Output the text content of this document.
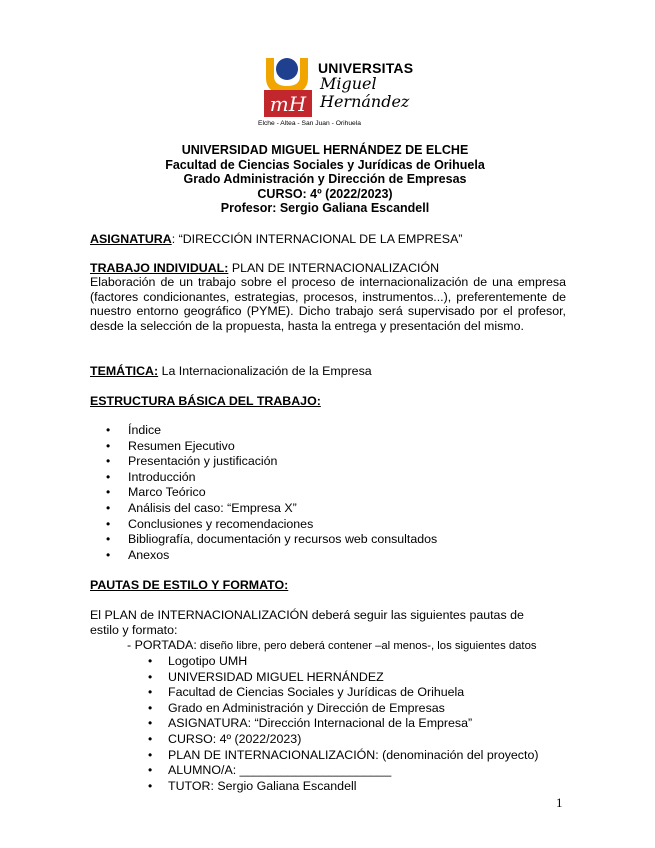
mH
UNIVERSITAS
Miguel
Hernández
Elche - Altea - San Juan - Orihuela
UNIVERSIDAD MIGUEL HERNÁNDEZ DE ELCHE
Facultad de Ciencias Sociales y Jurídicas de Orihuela
Grado Administración y Dirección de Empresas
CURSO: 4º (2022/2023)
Profesor: Sergio Galiana Escandell
ASIGNATURA: “DIRECCIÓN INTERNACIONAL DE LA EMPRESA”
TRABAJO INDIVIDUAL: PLAN DE INTERNACIONALIZACIÓN
Elaboración de un trabajo sobre el proceso de internacionalización de una empresa (factores condicionantes, estrategias, procesos, instrumentos...), preferentemente de nuestro entorno geográfico (PYME). Dicho trabajo será supervisado por el profesor, desde la selección de la propuesta, hasta la entrega y presentación del mismo.
TEMÁTICA: La Internacionalización de la Empresa
ESTRUCTURA BÁSICA DEL TRABAJO:
• Índice
• Resumen Ejecutivo
• Presentación y justificación
• Introducción
• Marco Teórico
• Análisis del caso: “Empresa X”
• Conclusiones y recomendaciones
• Bibliografía, documentación y recursos web consultados
• Anexos
PAUTAS DE ESTILO Y FORMATO:
El PLAN de INTERNACIONALIZACIÓN deberá seguir las siguientes pautas de
estilo y formato:
- PORTADA: diseño libre, pero deberá contener –al menos-, los siguientes datos
• Logotipo UMH
• UNIVERSIDAD MIGUEL HERNÁNDEZ
• Facultad de Ciencias Sociales y Jurídicas de Orihuela
• Grado en Administración y Dirección de Empresas
• ASIGNATURA: “Dirección Internacional de la Empresa”
• CURSO: 4º (2022/2023)
• PLAN DE INTERNACIONALIZACIÓN: (denominación del proyecto)
• ALUMNO/A: ______________________
• TUTOR: Sergio Galiana Escandell
1
